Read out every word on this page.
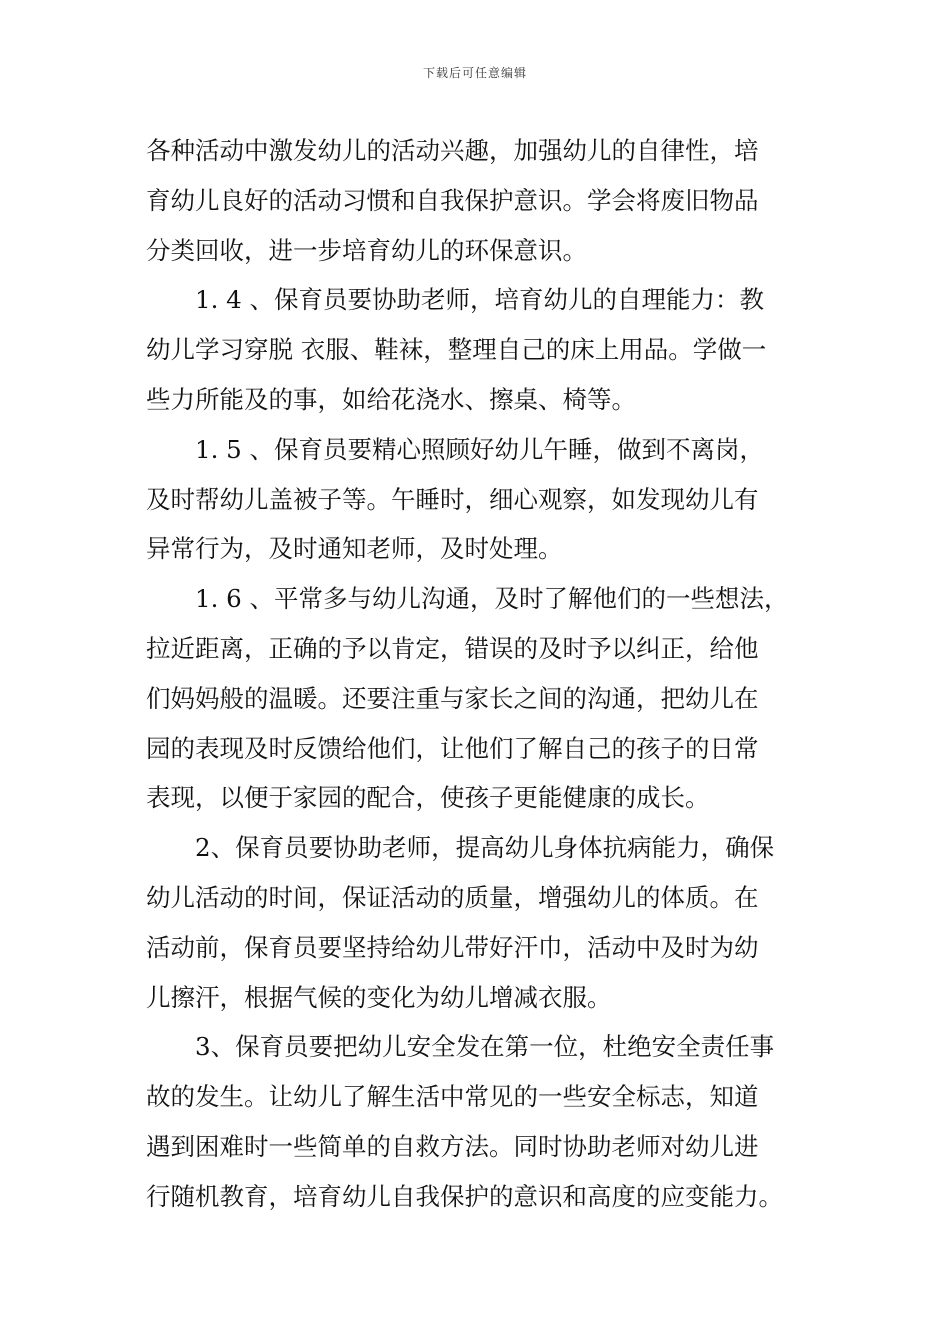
下载后可任意编辑
各种活动中激发幼儿的活动兴趣，加强幼儿的自律性，培
育幼儿良好的活动习惯和自我保护意识。学会将废旧物品
分类回收，进一步培育幼儿的环保意识。
1. 4 、保育员要协助老师，培育幼儿的自理能力：教
幼儿学习穿脱 衣服、鞋袜，整理自己的床上用品。学做一
些力所能及的事，如给花浇水、擦桌、椅等。
1. 5 、保育员要精心照顾好幼儿午睡，做到不离岗，
及时帮幼儿盖被子等。午睡时，细心观察，如发现幼儿有
异常行为，及时通知老师，及时处理。
1. 6 、平常多与幼儿沟通，及时了解他们的一些想法，
拉近距离，正确的予以肯定，错误的及时予以纠正，给他
们妈妈般的温暖。还要注重与家长之间的沟通，把幼儿在
园的表现及时反馈给他们，让他们了解自己的孩子的日常
表现，以便于家园的配合，使孩子更能健康的成长。
2、保育员要协助老师，提高幼儿身体抗病能力，确保
幼儿活动的时间，保证活动的质量，增强幼儿的体质。在
活动前，保育员要坚持给幼儿带好汗巾，活动中及时为幼
儿擦汗，根据气候的变化为幼儿增减衣服。
3、保育员要把幼儿安全发在第一位，杜绝安全责任事
故的发生。让幼儿了解生活中常见的一些安全标志，知道
遇到困难时一些简单的自救方法。同时协助老师对幼儿进
行随机教育，培育幼儿自我保护的意识和高度的应变能力。
